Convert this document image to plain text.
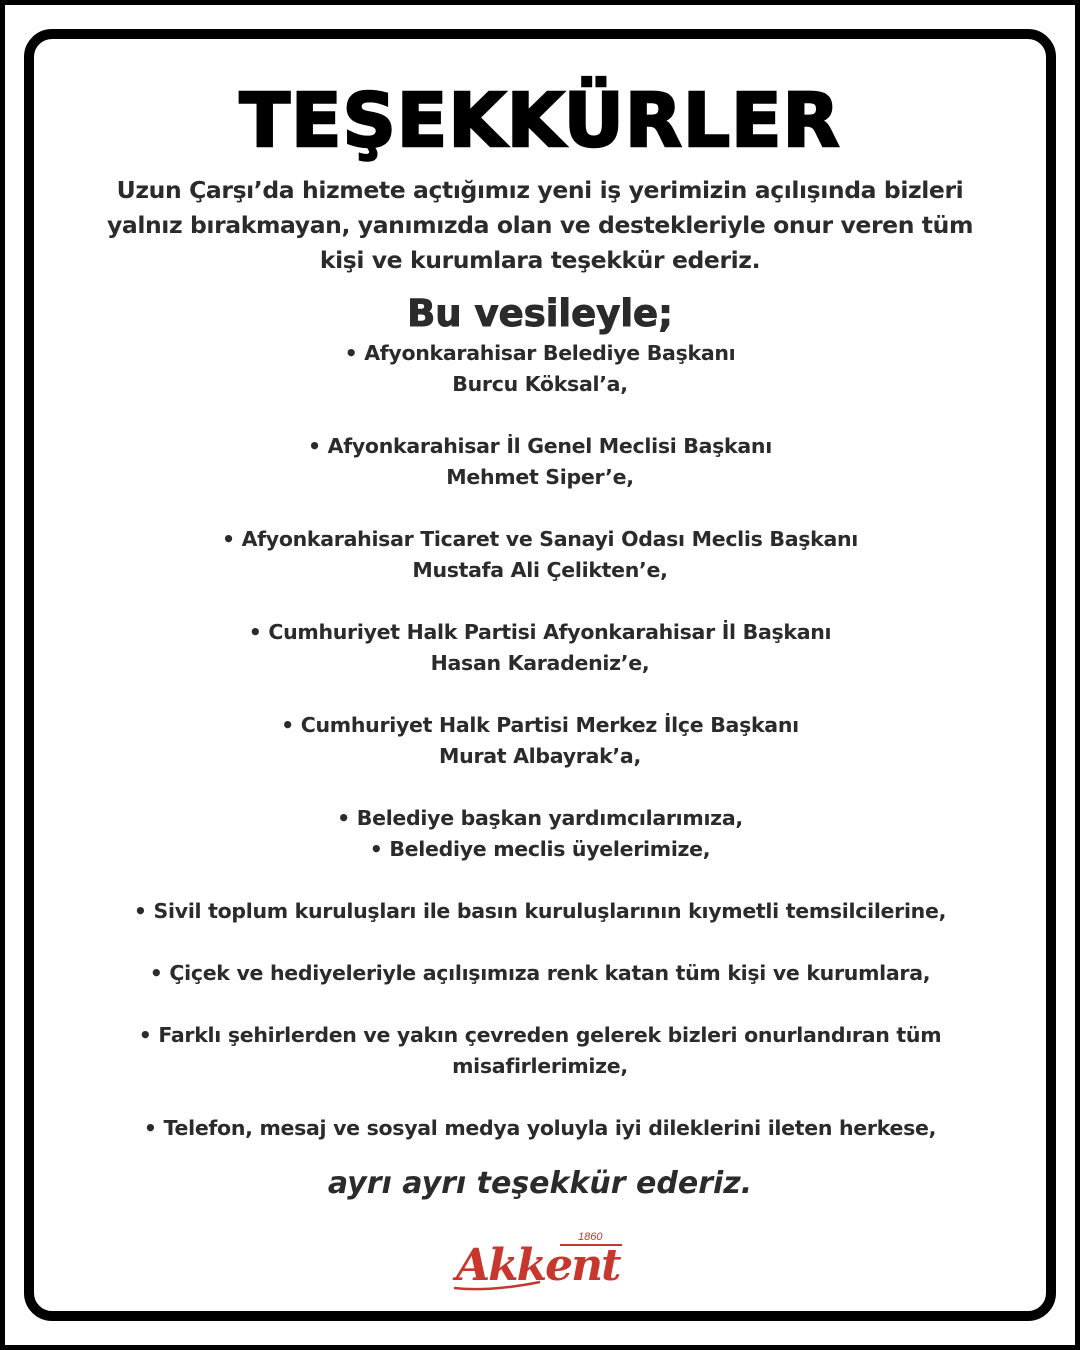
TEŞEKKÜRLER
Uzun Çarşı’da hizmete açtığımız yeni iş yerimizin açılışında bizleri
yalnız bırakmayan, yanımızda olan ve destekleriyle onur veren tüm
kişi ve kurumlara teşekkür ederiz.
Bu vesileyle;
• Afyonkarahisar Belediye Başkanı
Burcu Köksal’a,
• Afyonkarahisar İl Genel Meclisi Başkanı
Mehmet Siper’e,
• Afyonkarahisar Ticaret ve Sanayi Odası Meclis Başkanı
Mustafa Ali Çelikten’e,
• Cumhuriyet Halk Partisi Afyonkarahisar İl Başkanı
Hasan Karadeniz’e,
• Cumhuriyet Halk Partisi Merkez İlçe Başkanı
Murat Albayrak’a,
• Belediye başkan yardımcılarımıza,
• Belediye meclis üyelerimize,
• Sivil toplum kuruluşları ile basın kuruluşlarının kıymetli temsilcilerine,
• Çiçek ve hediyeleriyle açılışımıza renk katan tüm kişi ve kurumlara,
• Farklı şehirlerden ve yakın çevreden gelerek bizleri onurlandıran tüm
misafirlerimize,
• Telefon, mesaj ve sosyal medya yoluyla iyi dileklerini ileten herkese,
ayrı ayrı teşekkür ederiz.
1860
Akkent
